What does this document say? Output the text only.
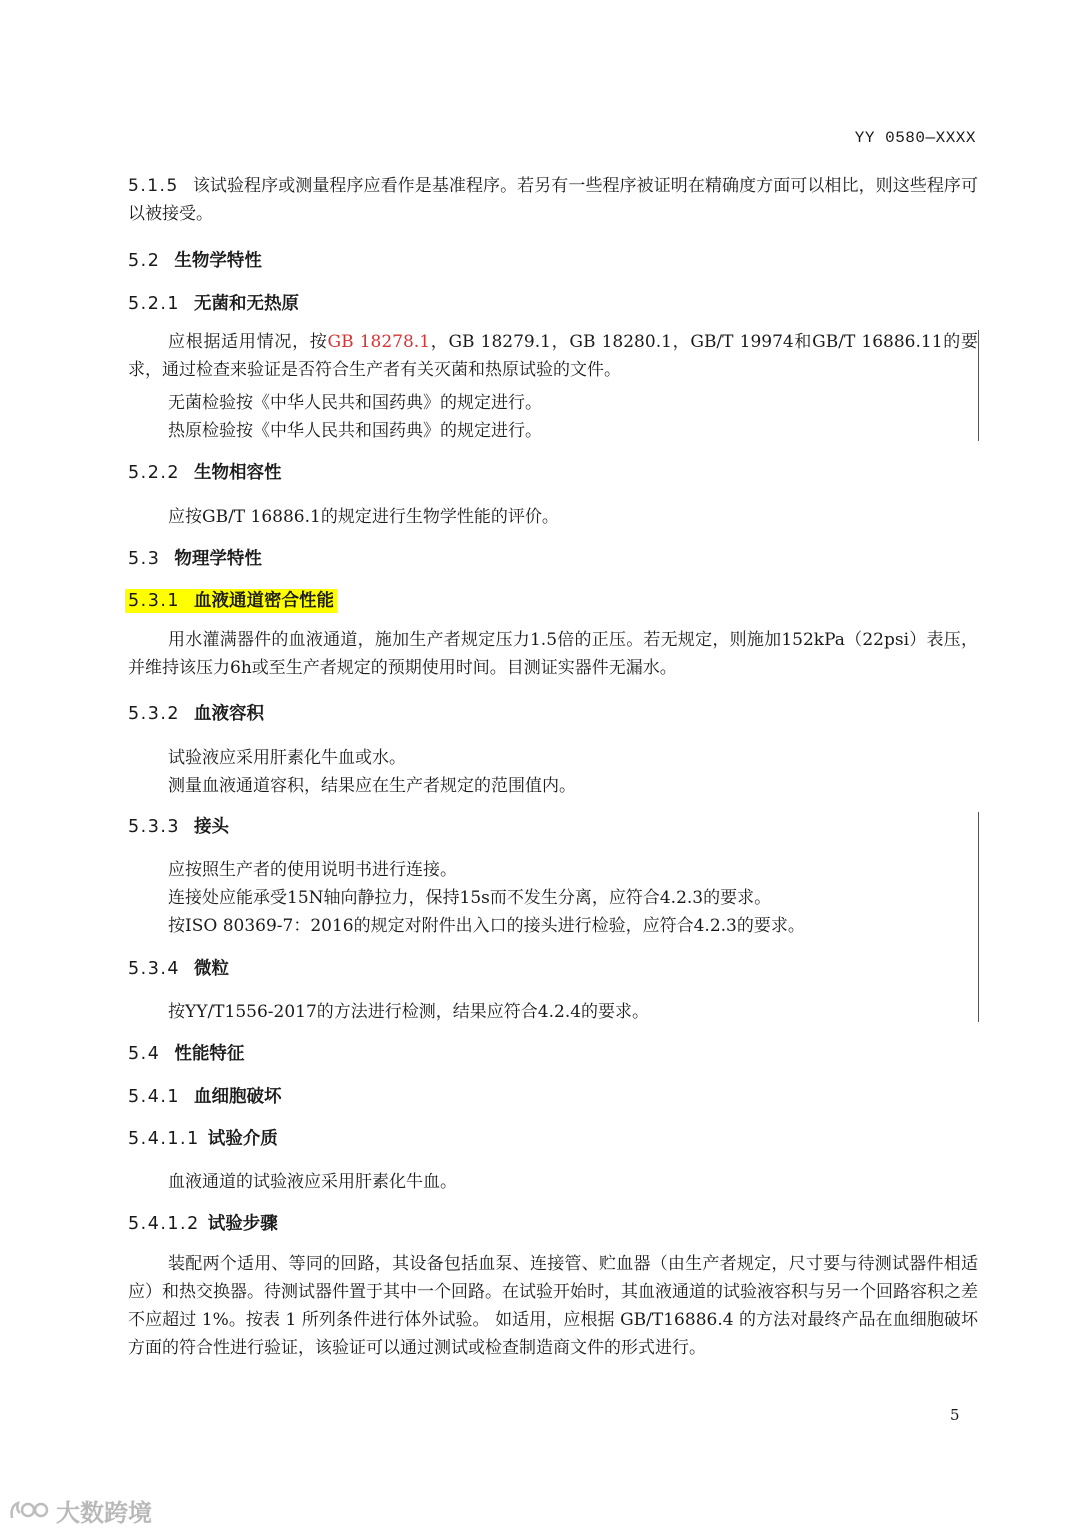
YY 0580—XXXX
5.1.5 该试验程序或测量程序应看作是基准程序。若另有一些程序被证明在精确度方面可以相比，则这些程序可以被接受。
5.2 生物学特性
5.2.1 无菌和无热原
应根据适用情况，按GB 18278.1，GB 18279.1，GB 18280.1，GB/T 19974和GB/T 16886.11的要求，通过检查来验证是否符合生产者有关灭菌和热原试验的文件。
无菌检验按《中华人民共和国药典》的规定进行。
热原检验按《中华人民共和国药典》的规定进行。
5.2.2 生物相容性
应按GB/T 16886.1的规定进行生物学性能的评价。
5.3 物理学特性
5.3.1 血液通道密合性能
用水灌满器件的血液通道，施加生产者规定压力1.5倍的正压。若无规定，则施加152kPa（22psi）表压，并维持该压力6h或至生产者规定的预期使用时间。目测证实器件无漏水。
5.3.2 血液容积
试验液应采用肝素化牛血或水。
测量血液通道容积，结果应在生产者规定的范围值内。
5.3.3 接头
应按照生产者的使用说明书进行连接。
连接处应能承受15N轴向静拉力，保持15s而不发生分离，应符合4.2.3的要求。
按ISO 80369-7：2016的规定对附件出入口的接头进行检验，应符合4.2.3的要求。
5.3.4 微粒
按YY/T1556-2017的方法进行检测，结果应符合4.2.4的要求。
5.4 性能特征
5.4.1 血细胞破坏
5.4.1.1 试验介质
血液通道的试验液应采用肝素化牛血。
5.4.1.2 试验步骤
装配两个适用、等同的回路，其设备包括血泵、连接管、贮血器（由生产者规定，尺寸要与待测试器件相适应）和热交换器。待测试器件置于其中一个回路。在试验开始时，其血液通道的试验液容积与另一个回路容积之差不应超过 1%。按表 1 所列条件进行体外试验。 如适用，应根据 GB/T16886.4 的方法对最终产品在血细胞破坏方面的符合性进行验证，该验证可以通过测试或检查制造商文件的形式进行。
5
大数跨境
